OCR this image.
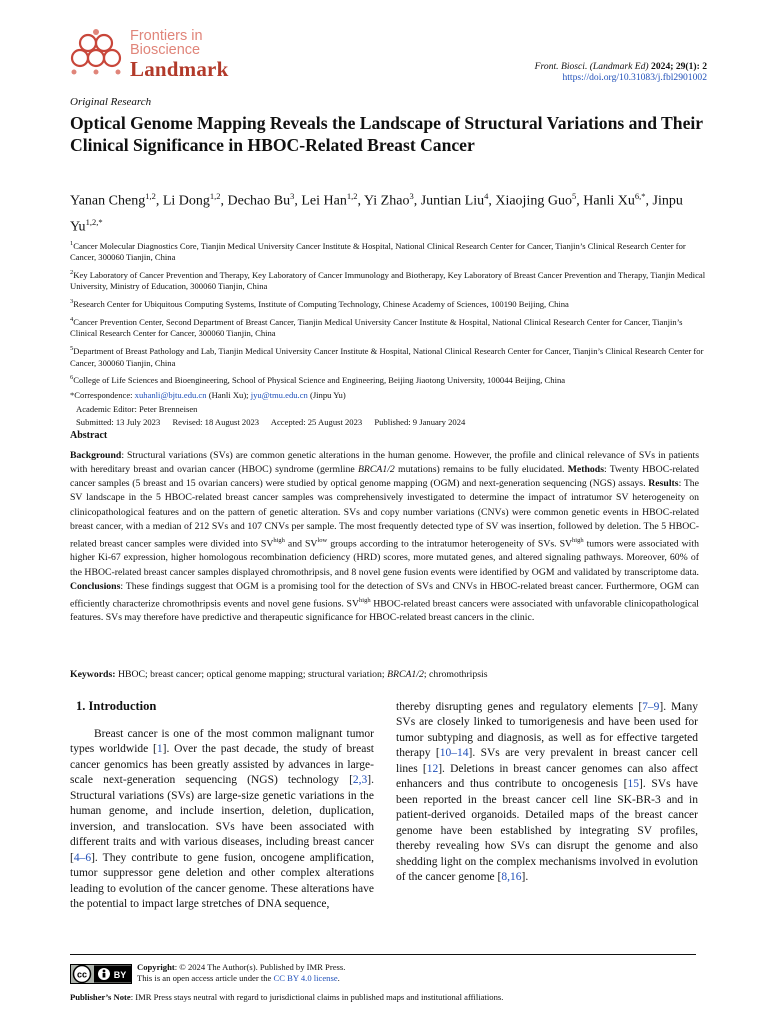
Frontiers in
Bioscience
Landmark	Front. Biosci. (Landmark Ed) 2024; 29(1): 2
https://doi.org/10.31083/j.fbl2901002
Original Research
Optical Genome Mapping Reveals the Landscape of Structural Variations and Their Clinical Significance in HBOC-Related Breast Cancer
Yanan Cheng$^{1,2}$, Li Dong$^{1,2}$, Dechao Bu$^3$, Lei Han$^{1,2}$, Yi Zhao$^3$, Juntian Liu$^4$, Xiaojing Guo$^5$, Hanli $Xu^{6,*}$, Jinpu $Yu^{1,2,*}$
$^1$Cancer Molecular Diagnostics Core, Tianjin Medical University Cancer Institute & Hospital, National Clinical Research Center for Cancer, Tianjin’s Clinical Research Center for Cancer, 300060 Tianjin, China
$^2$Key Laboratory of Cancer Prevention and Therapy, Key Laboratory of Cancer Immunology and Biotherapy, Key Laboratory of Breast Cancer Prevention and Therapy, Tianjin Medical University, Ministry of Education, 300060 Tianjin, China
$^3$Research Center for Ubiquitous Computing Systems, Institute of Computing Technology, Chinese Academy of Sciences, 100190 Beijing, China
$^4$Cancer Prevention Center, Second Department of Breast Cancer, Tianjin Medical University Cancer Institute & Hospital, National Clinical Research Center for Cancer, Tianjin’s Clinical Research Center for Cancer, 300060 Tianjin, China
$^5$Department of Breast Pathology and Lab, Tianjin Medical University Cancer Institute & Hospital, National Clinical Research Center for Cancer, Tianjin’s Clinical Research Center for Cancer, 300060 Tianjin, China
$^6$College of Life Sciences and Bioengineering, School of Physical Science and Engineering, Beijing Jiaotong University, 100044 Beijing, China
*Correspondence: xuhanli@bjtu.edu.cn (Hanli Xu); jyu@tmu.edu.cn (Jinpu Yu)
Academic Editor: Peter Brenneisen
Submitted: 13 July 2023 Revised: 18 August 2023 Accepted: 25 August 2023 Published: 9 January 2024
Abstract
Background: Structural variations (SVs) are common genetic alterations in the human genome. However, the profile and clinical relevance of SVs in patients with hereditary breast and ovarian cancer (HBOC) syndrome (germline BRCA1/2 mutations) remains to be fully elucidated. Methods: Twenty HBOC-related cancer samples (5 breast and 15 ovarian cancers) were studied by optical genome mapping (OGM) and next-generation sequencing (NGS) assays. Results: The SV landscape in the 5 HBOC-related breast cancer samples was comprehensively investigated to determine the impact of intratumor SV heterogeneity on clinicopathological features and on the pattern of genetic alteration. SVs and copy number variations (CNVs) were common genetic events in HBOC-related breast cancer, with a median of 212 SVs and 107 CNVs per sample. The most frequently detected type of SV was insertion, followed by deletion. The 5 HBOC-related breast cancer samples were divided into $SV^{high}$ and $SV^{low}$ groups according to the intratumor heterogeneity of SVs. $SV^{high}$ tumors were associated with higher Ki-67 expression, higher homologous recombination deficiency (HRD) scores, more mutated genes, and altered signaling pathways. Moreover, 60% of the HBOC-related breast cancer samples displayed chromothripsis, and 8 novel gene fusion events were identified by OGM and validated by transcriptome data. Conclusions: These findings suggest that OGM is a promising tool for the detection of SVs and CNVs in HBOC-related breast cancer. Furthermore, OGM can efficiently characterize chromothripsis events and novel gene fusions. $SV^{high}$ HBOC-related breast cancers were associated with unfavorable clinicopathological features. SVs may therefore have predictive and therapeutic significance for HBOC-related breast cancers in the clinic.
Keywords: HBOC; breast cancer; optical genome mapping; structural variation; BRCA1/2; chromothripsis
1. Introduction
Breast cancer is one of the most common malignant tumor types worldwide [1]. Over the past decade, the study of breast cancer genomics has been greatly assisted by advances in large-scale next-generation sequencing (NGS) technology [2,3]. Structural variations (SVs) are large-size genetic variations in the human genome, and include insertion, deletion, duplication, inversion, and translocation. SVs have been associated with different traits and with various diseases, including breast cancer [4–6]. They contribute to gene fusion, oncogene amplification, tumor suppressor gene deletion and other complex alterations leading to evolution of the cancer genome. These alterations have the potential to impact large stretches of DNA sequence,
thereby disrupting genes and regulatory elements [7–9]. Many SVs are closely linked to tumorigenesis and have been used for tumor subtyping and diagnosis, as well as for effective targeted therapy [10–14]. SVs are very prevalent in breast cancer cell lines [12]. Deletions in breast cancer genomes can also affect enhancers and thus contribute to oncogenesis [15]. SVs have been reported in the breast cancer cell line SK-BR-3 and in patient-derived organoids. Detailed maps of the breast cancer genome have been established by integrating SV profiles, thereby revealing how SVs can disrupt the genome and also shedding light on the complex mechanisms involved in evolution of the cancer genome [8,16].
cc	BY
Copyright: © 2024 The Author(s). Published by IMR Press.
This is an open access article under the CC BY 4.0 license.
Publisher’s Note: IMR Press stays neutral with regard to jurisdictional claims in published maps and institutional affiliations.
